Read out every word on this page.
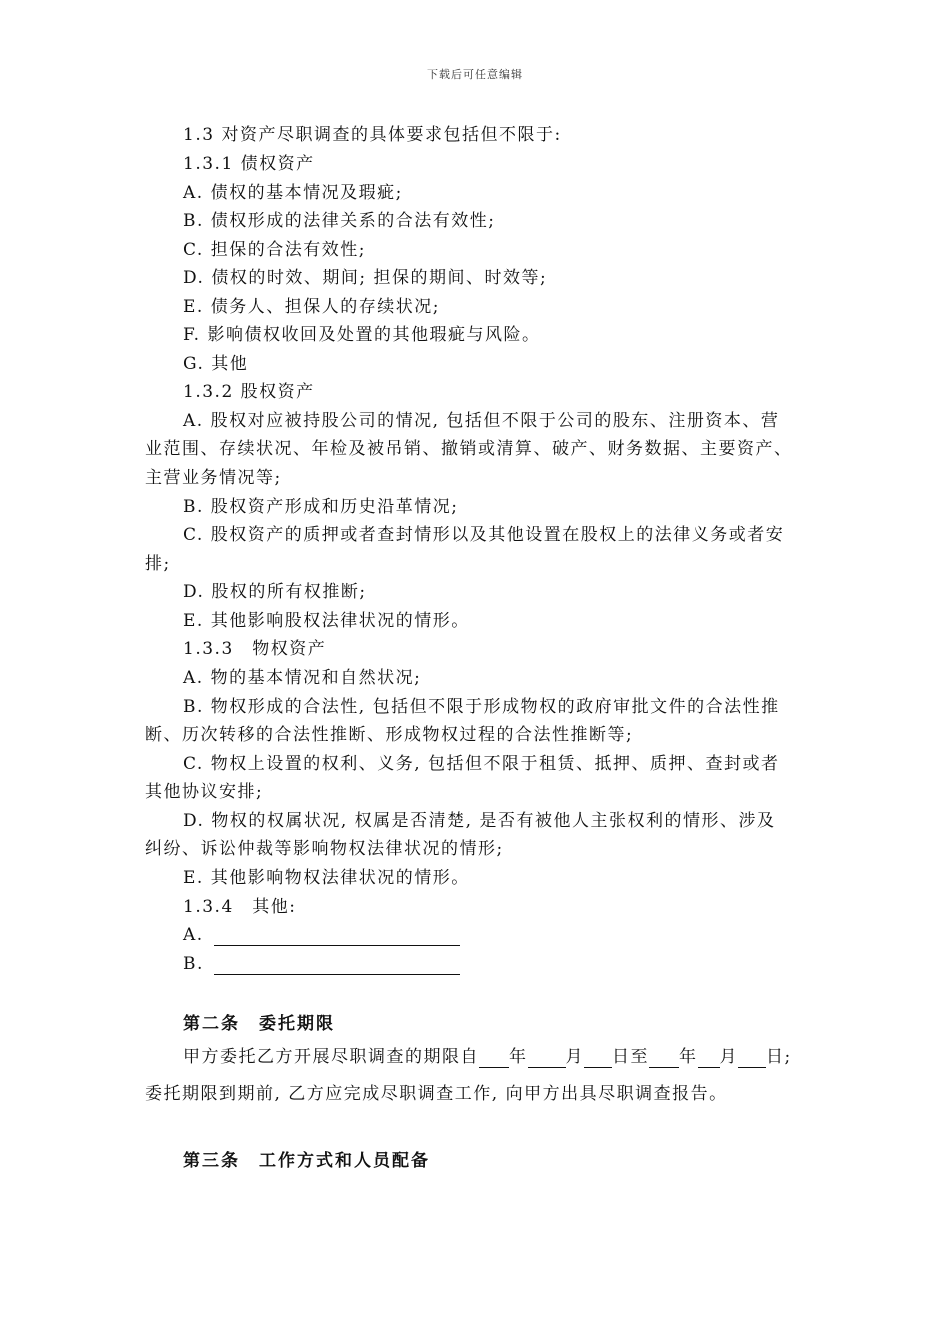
下载后可任意编辑
1.3 对资产尽职调查的具体要求包括但不限于:
1.3.1 债权资产
A. 债权的基本情况及瑕疵;
B. 债权形成的法律关系的合法有效性;
C. 担保的合法有效性;
D. 债权的时效、期间; 担保的期间、时效等;
E. 债务人、担保人的存续状况;
F. 影响债权收回及处置的其他瑕疵与风险。
G. 其他
1.3.2 股权资产
A. 股权对应被持股公司的情况, 包括但不限于公司的股东、注册资本、营
业范围、存续状况、年检及被吊销、撤销或清算、破产、财务数据、主要资产、
主营业务情况等;
B. 股权资产形成和历史沿革情况;
C. 股权资产的质押或者查封情形以及其他设置在股权上的法律义务或者安
排;
D. 股权的所有权推断;
E. 其他影响股权法律状况的情形。
1.3.3　物权资产
A. 物的基本情况和自然状况;
B. 物权形成的合法性, 包括但不限于形成物权的政府审批文件的合法性推
断、历次转移的合法性推断、形成物权过程的合法性推断等;
C. 物权上设置的权利、义务, 包括但不限于租赁、抵押、质押、查封或者
其他协议安排;
D. 物权的权属状况, 权属是否清楚, 是否有被他人主张权利的情形、涉及
纠纷、诉讼仲裁等影响物权法律状况的情形;
E. 其他影响物权法律状况的情形。
1.3.4　其他:
A.
B.
第二条　委托期限
甲方委托乙方开展尽职调查的期限自 年 月 日至 年 月 日;
委托期限到期前, 乙方应完成尽职调查工作, 向甲方出具尽职调查报告。
第三条　工作方式和人员配备
